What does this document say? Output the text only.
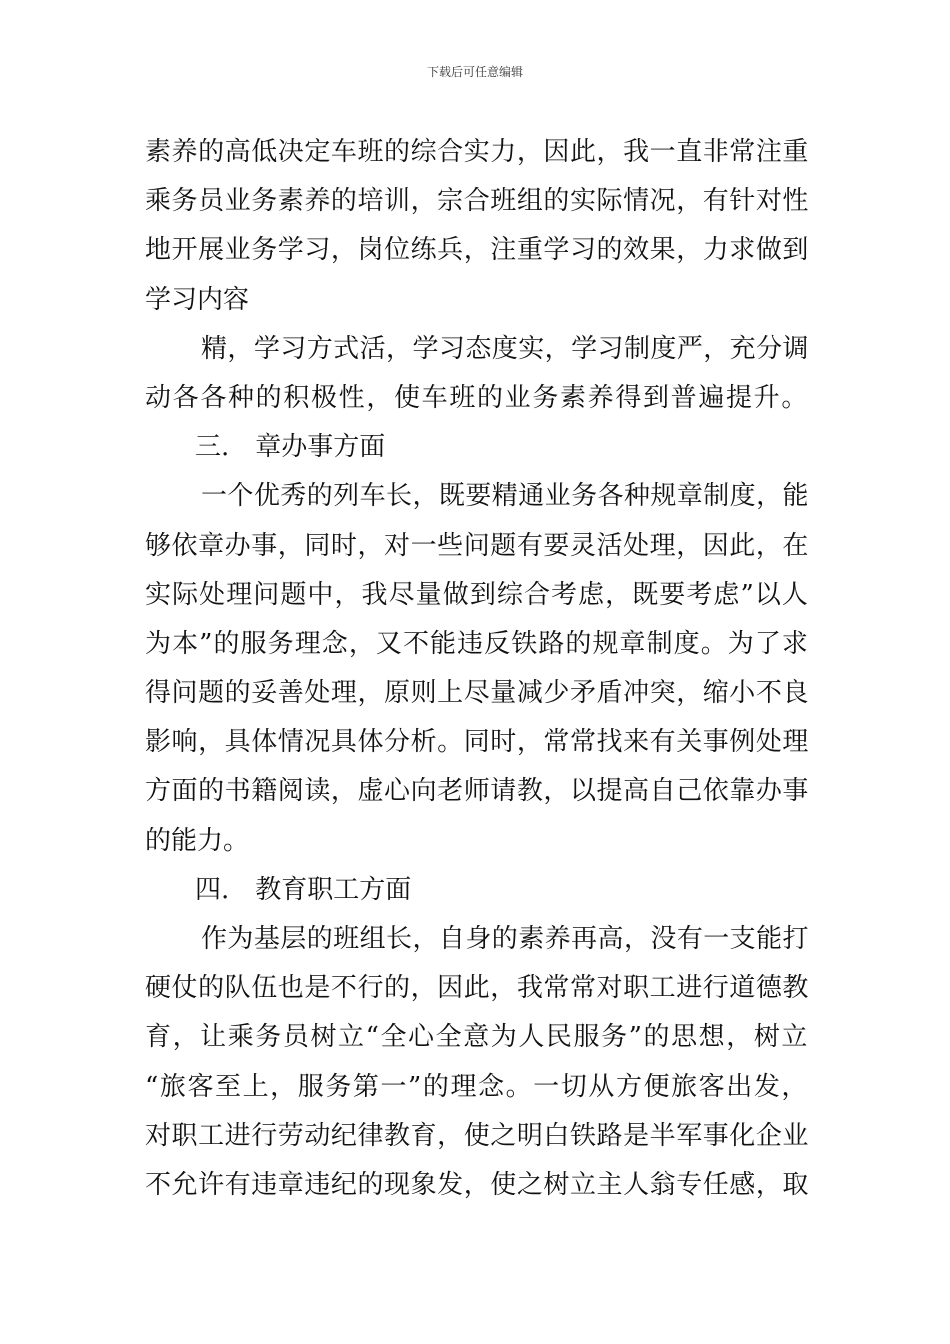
下载后可任意编辑
素养的高低决定车班的综合实力，因此，我一直非常注重
乘务员业务素养的培训，宗合班组的实际情况，有针对性
地开展业务学习，岗位练兵，注重学习的效果，力求做到
学习内容
精，学习方式活，学习态度实，学习制度严，充分调
动各各种的积极性，使车班的业务素养得到普遍提升。
三.　章办事方面
一个优秀的列车长，既要精通业务各种规章制度，能
够依章办事，同时，对一些问题有要灵活处理，因此，在
实际处理问题中，我尽量做到综合考虑，既要考虑”以人
为本”的服务理念，又不能违反铁路的规章制度。为了求
得问题的妥善处理，原则上尽量减少矛盾冲突，缩小不良
影响，具体情况具体分析。同时，常常找来有关事例处理
方面的书籍阅读，虚心向老师请教，以提高自己依靠办事
的能力。
四.　教育职工方面
作为基层的班组长，自身的素养再高，没有一支能打
硬仗的队伍也是不行的，因此，我常常对职工进行道德教
育，让乘务员树立“全心全意为人民服务”的思想，树立
“旅客至上，服务第一”的理念。一切从方便旅客出发，
对职工进行劳动纪律教育，使之明白铁路是半军事化企业
不允许有违章违纪的现象发，使之树立主人翁专任感，取
